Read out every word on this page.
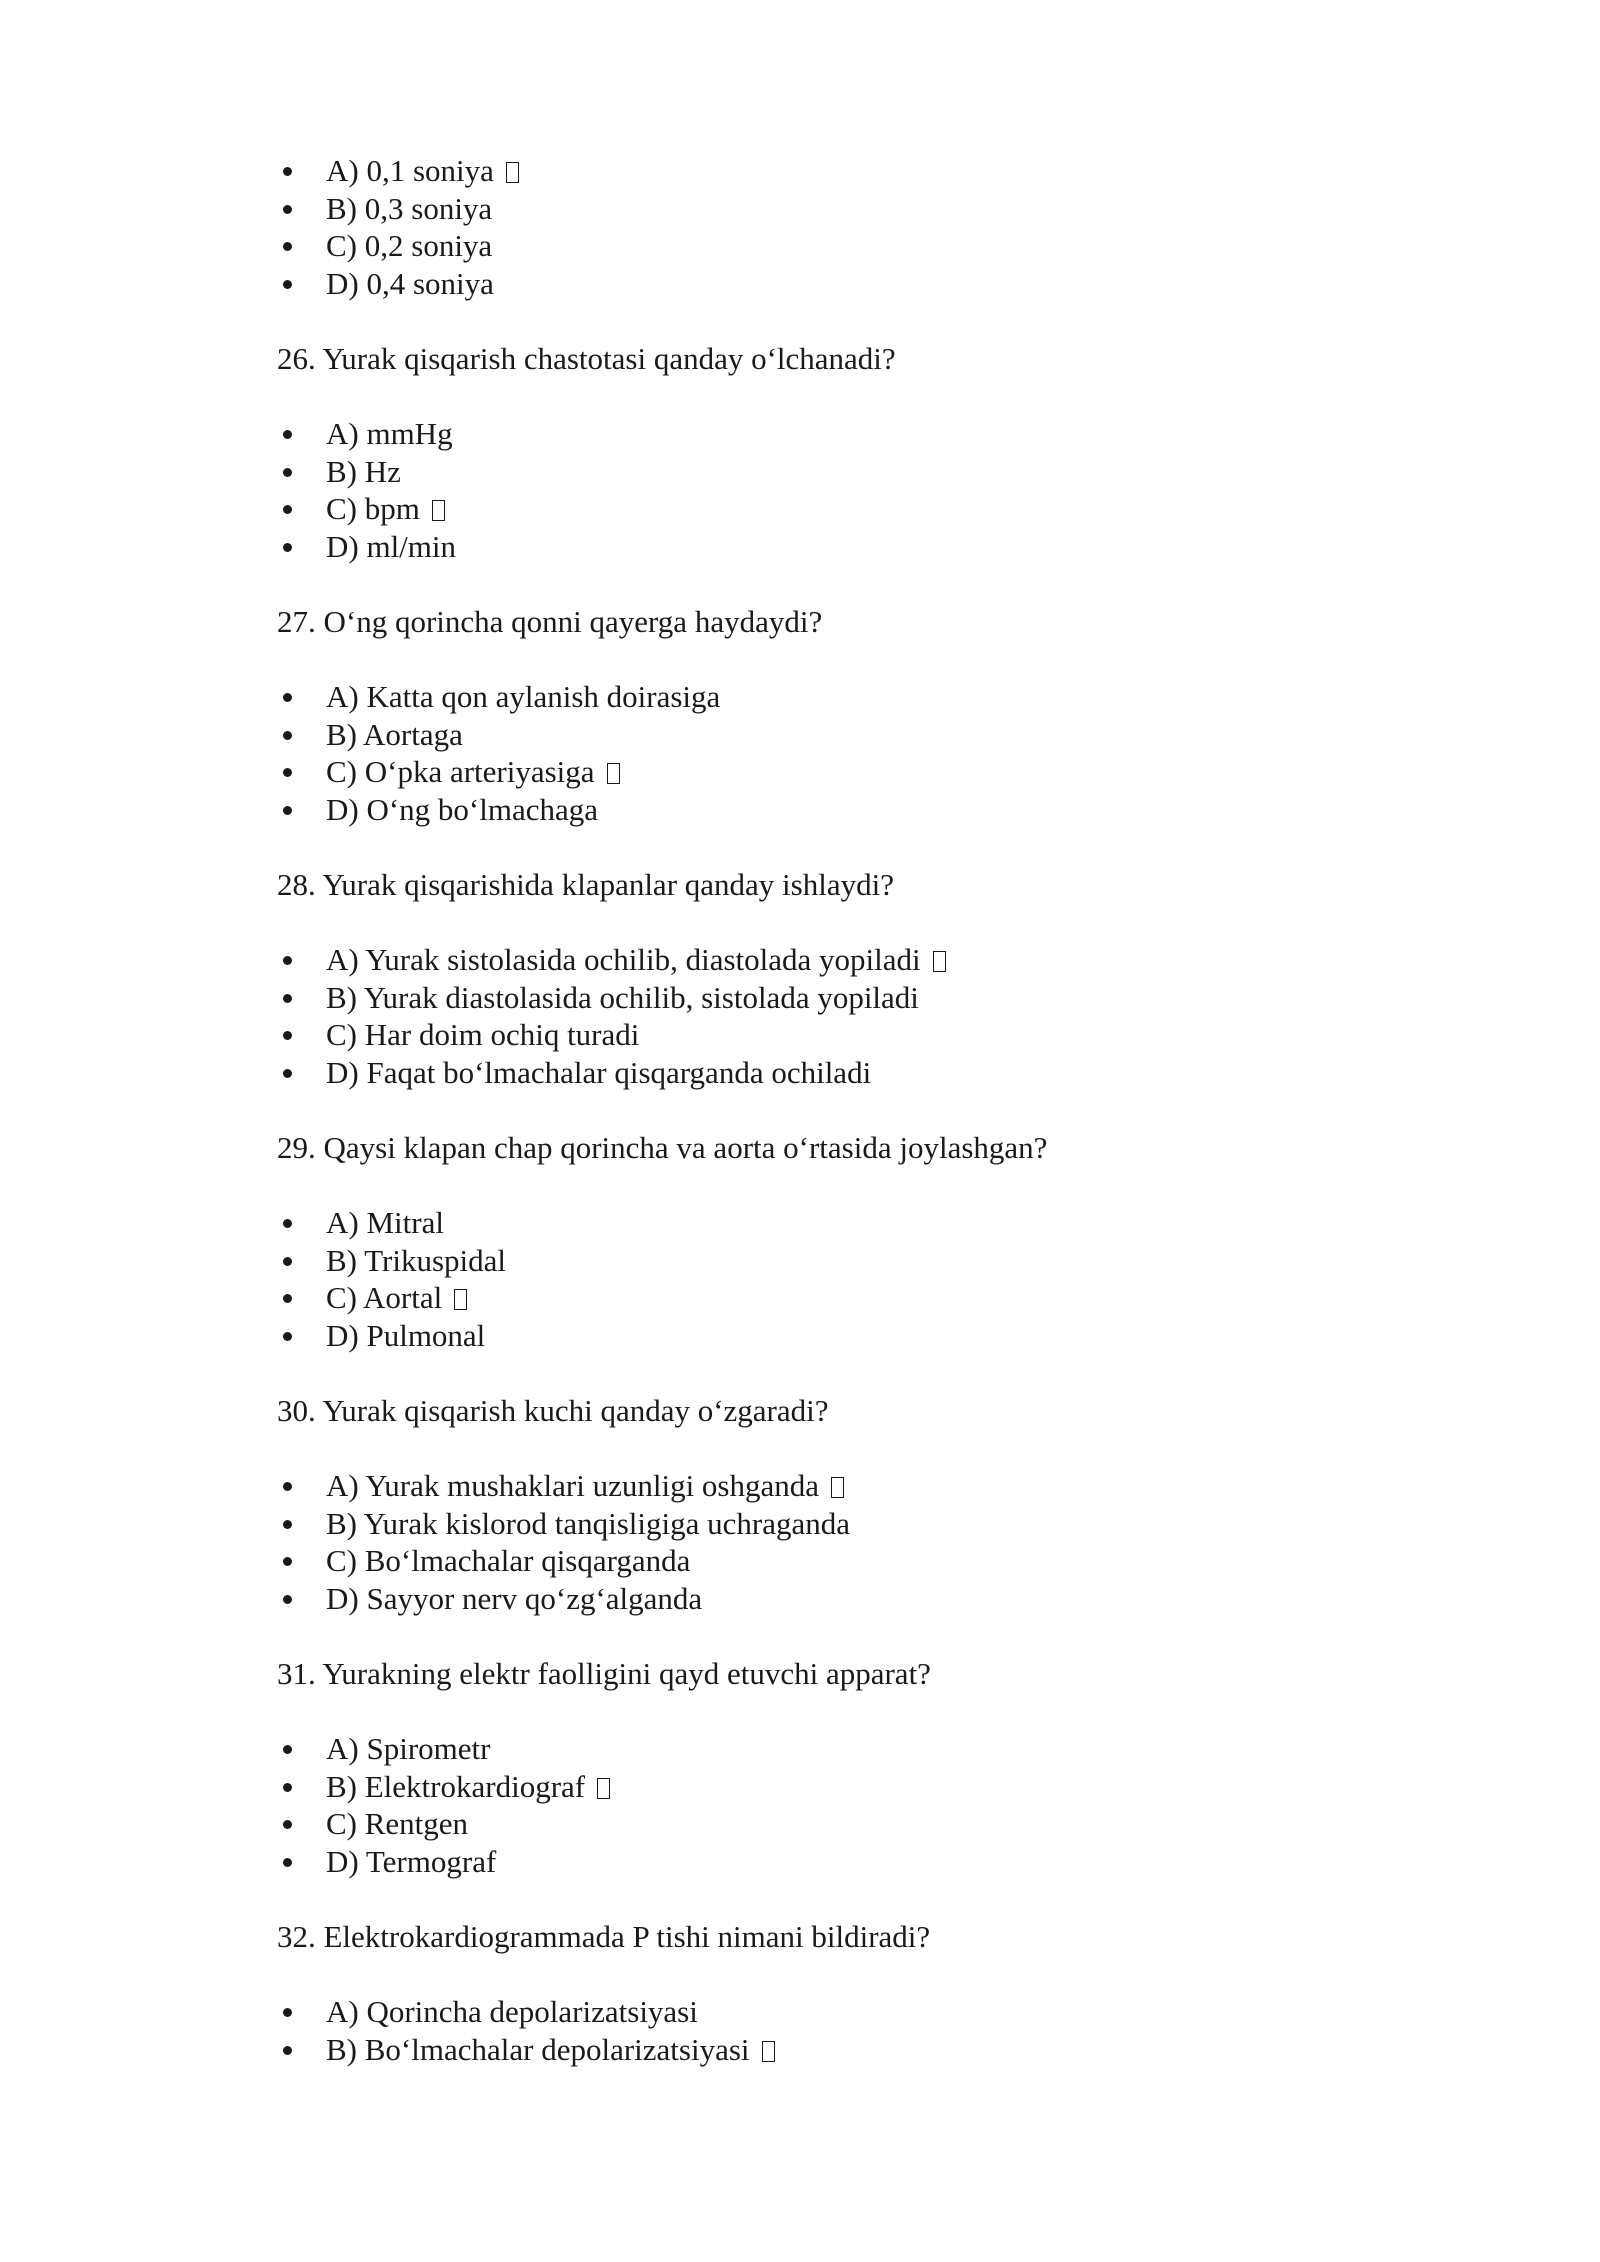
A) 0,1 soniya
B) 0,3 soniya
C) 0,2 soniya
D) 0,4 soniya
26. Yurak qisqarish chastotasi qanday o‘lchanadi?
A) mmHg
B) Hz
C) bpm
D) ml/min
27. O‘ng qorincha qonni qayerga haydaydi?
A) Katta qon aylanish doirasiga
B) Aortaga
C) O‘pka arteriyasiga
D) O‘ng bo‘lmachaga
28. Yurak qisqarishida klapanlar qanday ishlaydi?
A) Yurak sistolasida ochilib, diastolada yopiladi
B) Yurak diastolasida ochilib, sistolada yopiladi
C) Har doim ochiq turadi
D) Faqat bo‘lmachalar qisqarganda ochiladi
29. Qaysi klapan chap qorincha va aorta o‘rtasida joylashgan?
A) Mitral
B) Trikuspidal
C) Aortal
D) Pulmonal
30. Yurak qisqarish kuchi qanday o‘zgaradi?
A) Yurak mushaklari uzunligi oshganda
B) Yurak kislorod tanqisligiga uchraganda
C) Bo‘lmachalar qisqarganda
D) Sayyor nerv qo‘zg‘alganda
31. Yurakning elektr faolligini qayd etuvchi apparat?
A) Spirometr
B) Elektrokardiograf
C) Rentgen
D) Termograf
32. Elektrokardiogrammada P tishi nimani bildiradi?
A) Qorincha depolarizatsiyasi
B) Bo‘lmachalar depolarizatsiyasi
